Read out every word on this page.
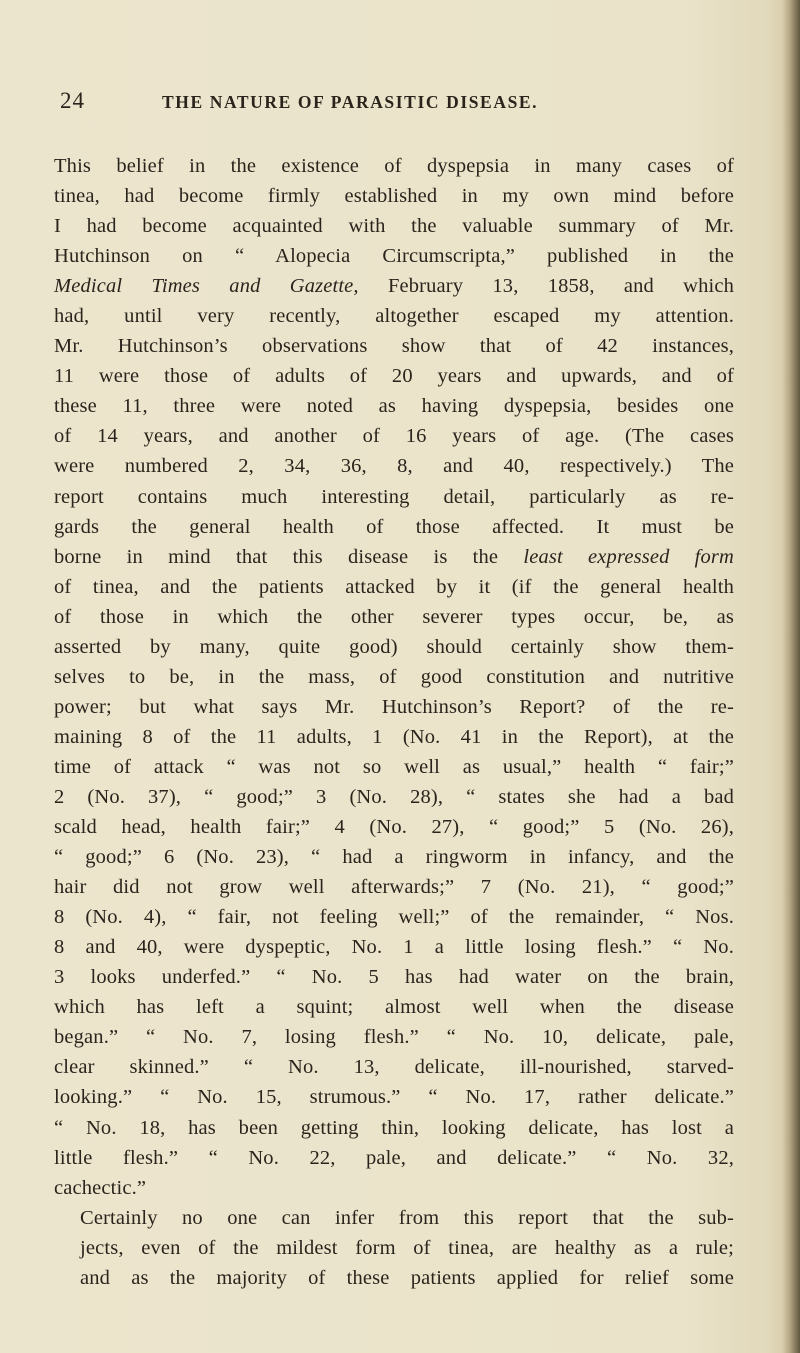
24	THE NATURE OF PARASITIC DISEASE.

This belief in the existence of dyspepsia in many cases of
tinea, had become firmly established in my own mind before
I had become acquainted with the valuable summary of Mr.
Hutchinson on “ Alopecia Circumscripta,” published in the
Medical Times and Gazette, February 13, 1858, and which
had, until very recently, altogether escaped my attention.
Mr. Hutchinson’s observations show that of 42 instances,
11 were those of adults of 20 years and upwards, and of
these 11, three were noted as having dyspepsia, besides one
of 14 years, and another of 16 years of age. (The cases
were numbered 2, 34, 36, 8, and 40, respectively.) The
report contains much interesting detail, particularly as re-
gards the general health of those affected. It must be
borne in mind that this disease is the least expressed form
of tinea, and the patients attacked by it (if the general health
of those in which the other severer types occur, be, as
asserted by many, quite good) should certainly show them-
selves to be, in the mass, of good constitution and nutritive
power; but what says Mr. Hutchinson’s Report? of the re-
maining 8 of the 11 adults, 1 (No. 41 in the Report), at the
time of attack “ was not so well as usual,” health “ fair;”
2 (No. 37), “ good;” 3 (No. 28), “ states she had a bad
scald head, health fair;” 4 (No. 27), “ good;” 5 (No. 26),
“ good;” 6 (No. 23), “ had a ringworm in infancy, and the
hair did not grow well afterwards;” 7 (No. 21), “ good;”
8 (No. 4), “ fair, not feeling well;” of the remainder, “ Nos.
8 and 40, were dyspeptic, No. 1 a little losing flesh.” “ No.
3 looks underfed.” “ No. 5 has had water on the brain,
which has left a squint; almost well when the disease
began.” “ No. 7, losing flesh.” “ No. 10, delicate, pale,
clear skinned.” “ No. 13, delicate, ill-nourished, starved-
looking.” “ No. 15, strumous.” “ No. 17, rather delicate.”
“ No. 18, has been getting thin, looking delicate, has lost a
little flesh.” “ No. 22, pale, and delicate.” “ No. 32,
cachectic.”

Certainly no one can infer from this report that the sub-
jects, even of the mildest form of tinea, are healthy as a rule;
and as the majority of these patients applied for relief some
